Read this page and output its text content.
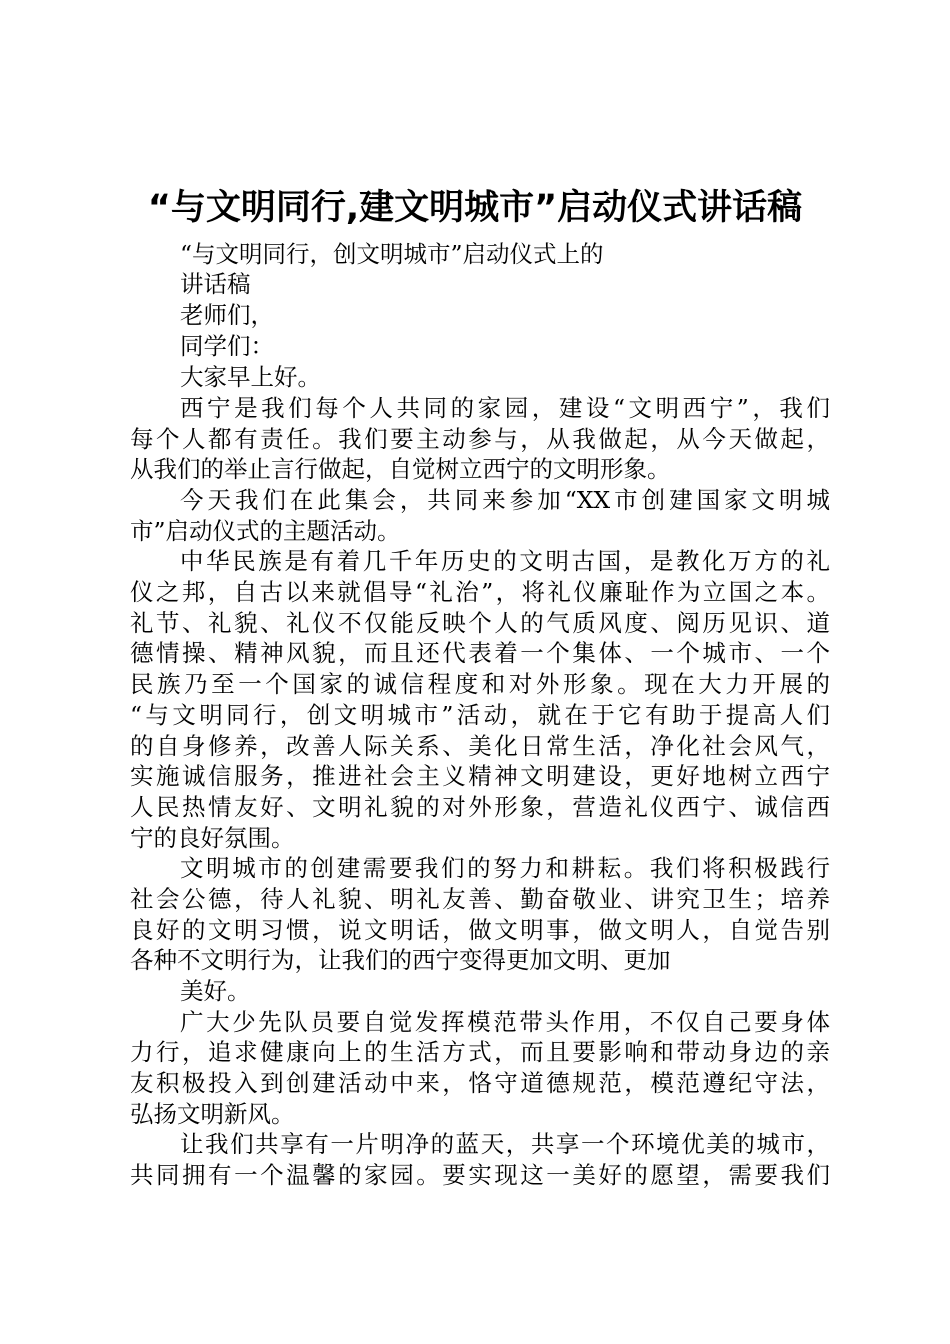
“与文明同行,建文明城市”启动仪式讲话稿
“与文明同行，创文明城市”启动仪式上的
讲话稿
老师们，
同学们：
大家早上好。
西宁是我们每个人共同的家园，建设“文明西宁”，我们
每个人都有责任。我们要主动参与，从我做起，从今天做起，
从我们的举止言行做起，自觉树立西宁的文明形象。
今天我们在此集会，共同来参加“XX市创建国家文明城
市”启动仪式的主题活动。
中华民族是有着几千年历史的文明古国，是教化万方的礼
仪之邦，自古以来就倡导“礼治”，将礼仪廉耻作为立国之本。
礼节、礼貌、礼仪不仅能反映个人的气质风度、阅历见识、道
德情操、精神风貌，而且还代表着一个集体、一个城市、一个
民族乃至一个国家的诚信程度和对外形象。现在大力开展的
“与文明同行，创文明城市”活动，就在于它有助于提高人们
的自身修养，改善人际关系、美化日常生活，净化社会风气，
实施诚信服务，推进社会主义精神文明建设，更好地树立西宁
人民热情友好、文明礼貌的对外形象，营造礼仪西宁、诚信西
宁的良好氛围。
文明城市的创建需要我们的努力和耕耘。我们将积极践行
社会公德，待人礼貌、明礼友善、勤奋敬业、讲究卫生；培养
良好的文明习惯，说文明话，做文明事，做文明人，自觉告别
各种不文明行为，让我们的西宁变得更加文明、更加
美好。
广大少先队员要自觉发挥模范带头作用，不仅自己要身体
力行，追求健康向上的生活方式，而且要影响和带动身边的亲
友积极投入到创建活动中来，恪守道德规范，模范遵纪守法，
弘扬文明新风。
让我们共享有一片明净的蓝天，共享一个环境优美的城市，
共同拥有一个温馨的家园。要实现这一美好的愿望，需要我们
